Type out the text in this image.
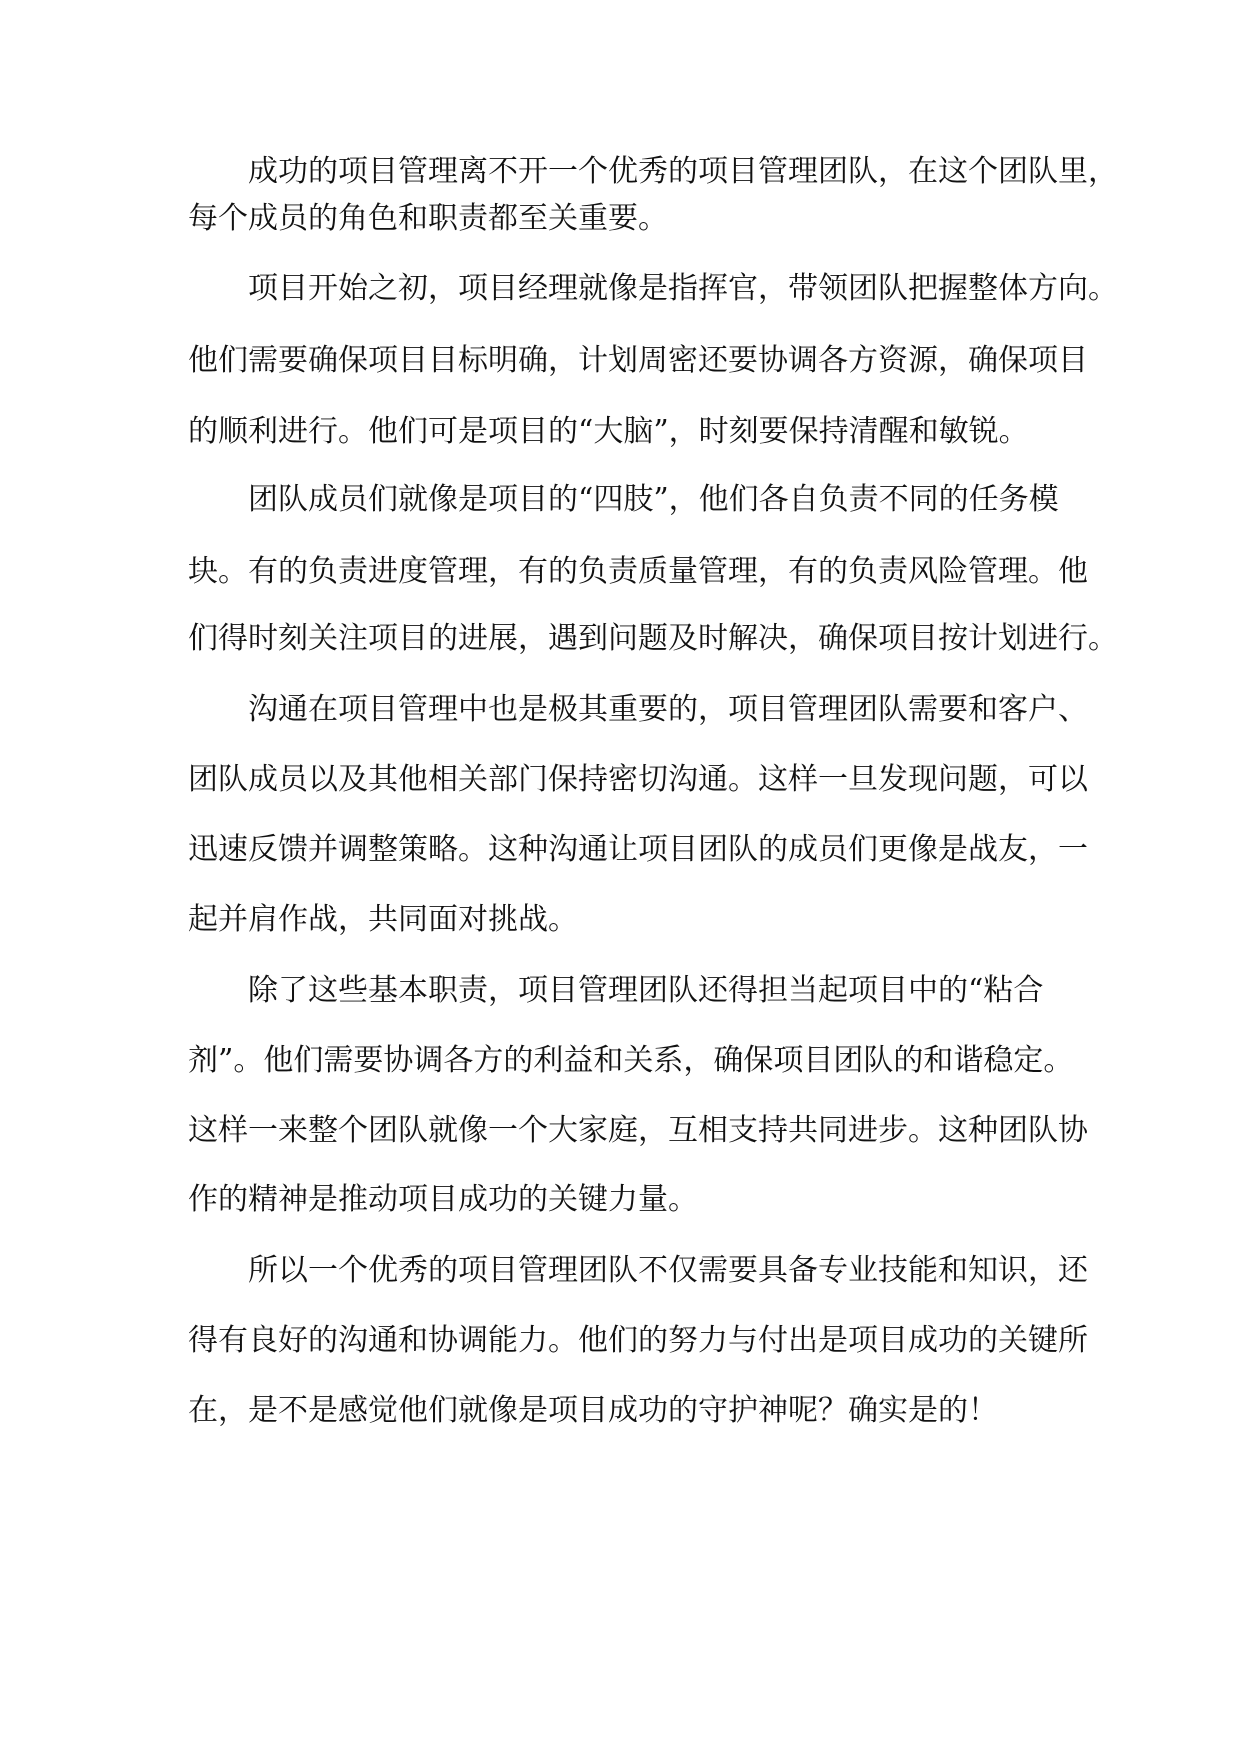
成功的项目管理离不开一个优秀的项目管理团队，在这个团队里，
每个成员的角色和职责都至关重要。
项目开始之初，项目经理就像是指挥官，带领团队把握整体方向。
他们需要确保项目目标明确，计划周密还要协调各方资源，确保项目
的顺利进行。他们可是项目的“大脑”，时刻要保持清醒和敏锐。
团队成员们就像是项目的“四肢”，他们各自负责不同的任务模
块。有的负责进度管理，有的负责质量管理，有的负责风险管理。他
们得时刻关注项目的进展，遇到问题及时解决，确保项目按计划进行。
沟通在项目管理中也是极其重要的，项目管理团队需要和客户、
团队成员以及其他相关部门保持密切沟通。这样一旦发现问题，可以
迅速反馈并调整策略。这种沟通让项目团队的成员们更像是战友，一
起并肩作战，共同面对挑战。
除了这些基本职责，项目管理团队还得担当起项目中的“粘合
剂”。他们需要协调各方的利益和关系，确保项目团队的和谐稳定。
这样一来整个团队就像一个大家庭，互相支持共同进步。这种团队协
作的精神是推动项目成功的关键力量。
所以一个优秀的项目管理团队不仅需要具备专业技能和知识，还
得有良好的沟通和协调能力。他们的努力与付出是项目成功的关键所
在，是不是感觉他们就像是项目成功的守护神呢？确实是的！
